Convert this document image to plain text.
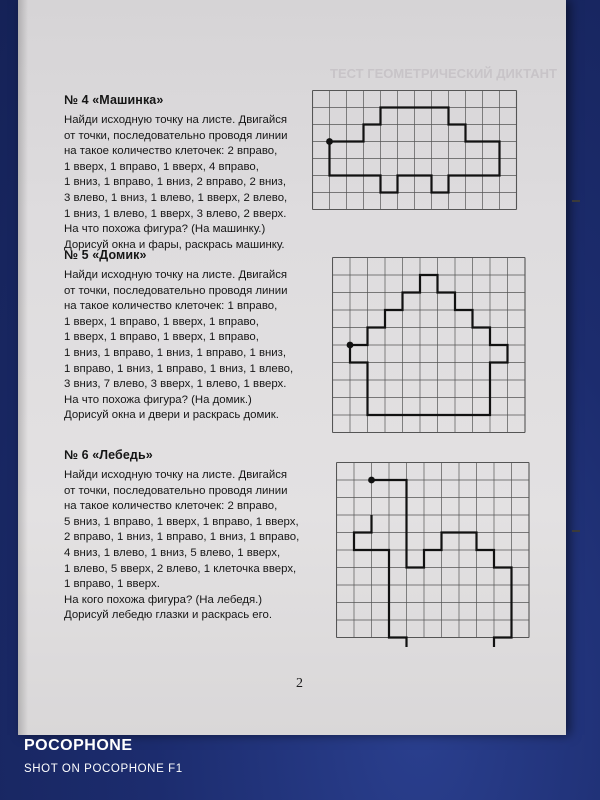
ТЕСТ ГЕОМЕТРИЧЕСКИЙ ДИКТАНТ
№ 4 «Машинка»
Найди исходную точку на листе. Двигайся
от точки, последовательно проводя линии
на такое количество клеточек: 2 вправо,
1 вверх, 1 вправо, 1 вверх, 4 вправо,
1 вниз, 1 вправо, 1 вниз, 2 вправо, 2 вниз,
3 влево, 1 вниз, 1 влево, 1 вверх, 2 влево,
1 вниз, 1 влево, 1 вверх, 3 влево, 2 вверх.
На что похожа фигура? (На машинку.)
Дорисуй окна и фары, раскрась машинку.
№ 5 «Домик»
Найди исходную точку на листе. Двигайся
от точки, последовательно проводя линии
на такое количество клеточек: 1 вправо,
1 вверх, 1 вправо, 1 вверх, 1 вправо,
1 вверх, 1 вправо, 1 вверх, 1 вправо,
1 вниз, 1 вправо, 1 вниз, 1 вправо, 1 вниз,
1 вправо, 1 вниз, 1 вправо, 1 вниз, 1 влево,
3 вниз, 7 влево, 3 вверх, 1 влево, 1 вверх.
На что похожа фигура? (На домик.)
Дорисуй окна и двери и раскрась домик.
№ 6 «Лебедь»
Найди исходную точку на листе. Двигайся
от точки, последовательно проводя линии
на такое количество клеточек: 2 вправо,
5 вниз, 1 вправо, 1 вверх, 1 вправо, 1 вверх,
2 вправо, 1 вниз, 1 вправо, 1 вниз, 1 вправо,
4 вниз, 1 влево, 1 вниз, 5 влево, 1 вверх,
1 влево, 5 вверх, 2 влево, 1 клеточка вверх,
1 вправо, 1 вверх.
На кого похожа фигура? (На лебедя.)
Дорисуй лебедю глазки и раскрась его.
2
POCOPHONE
SHOT ON POCOPHONE F1
